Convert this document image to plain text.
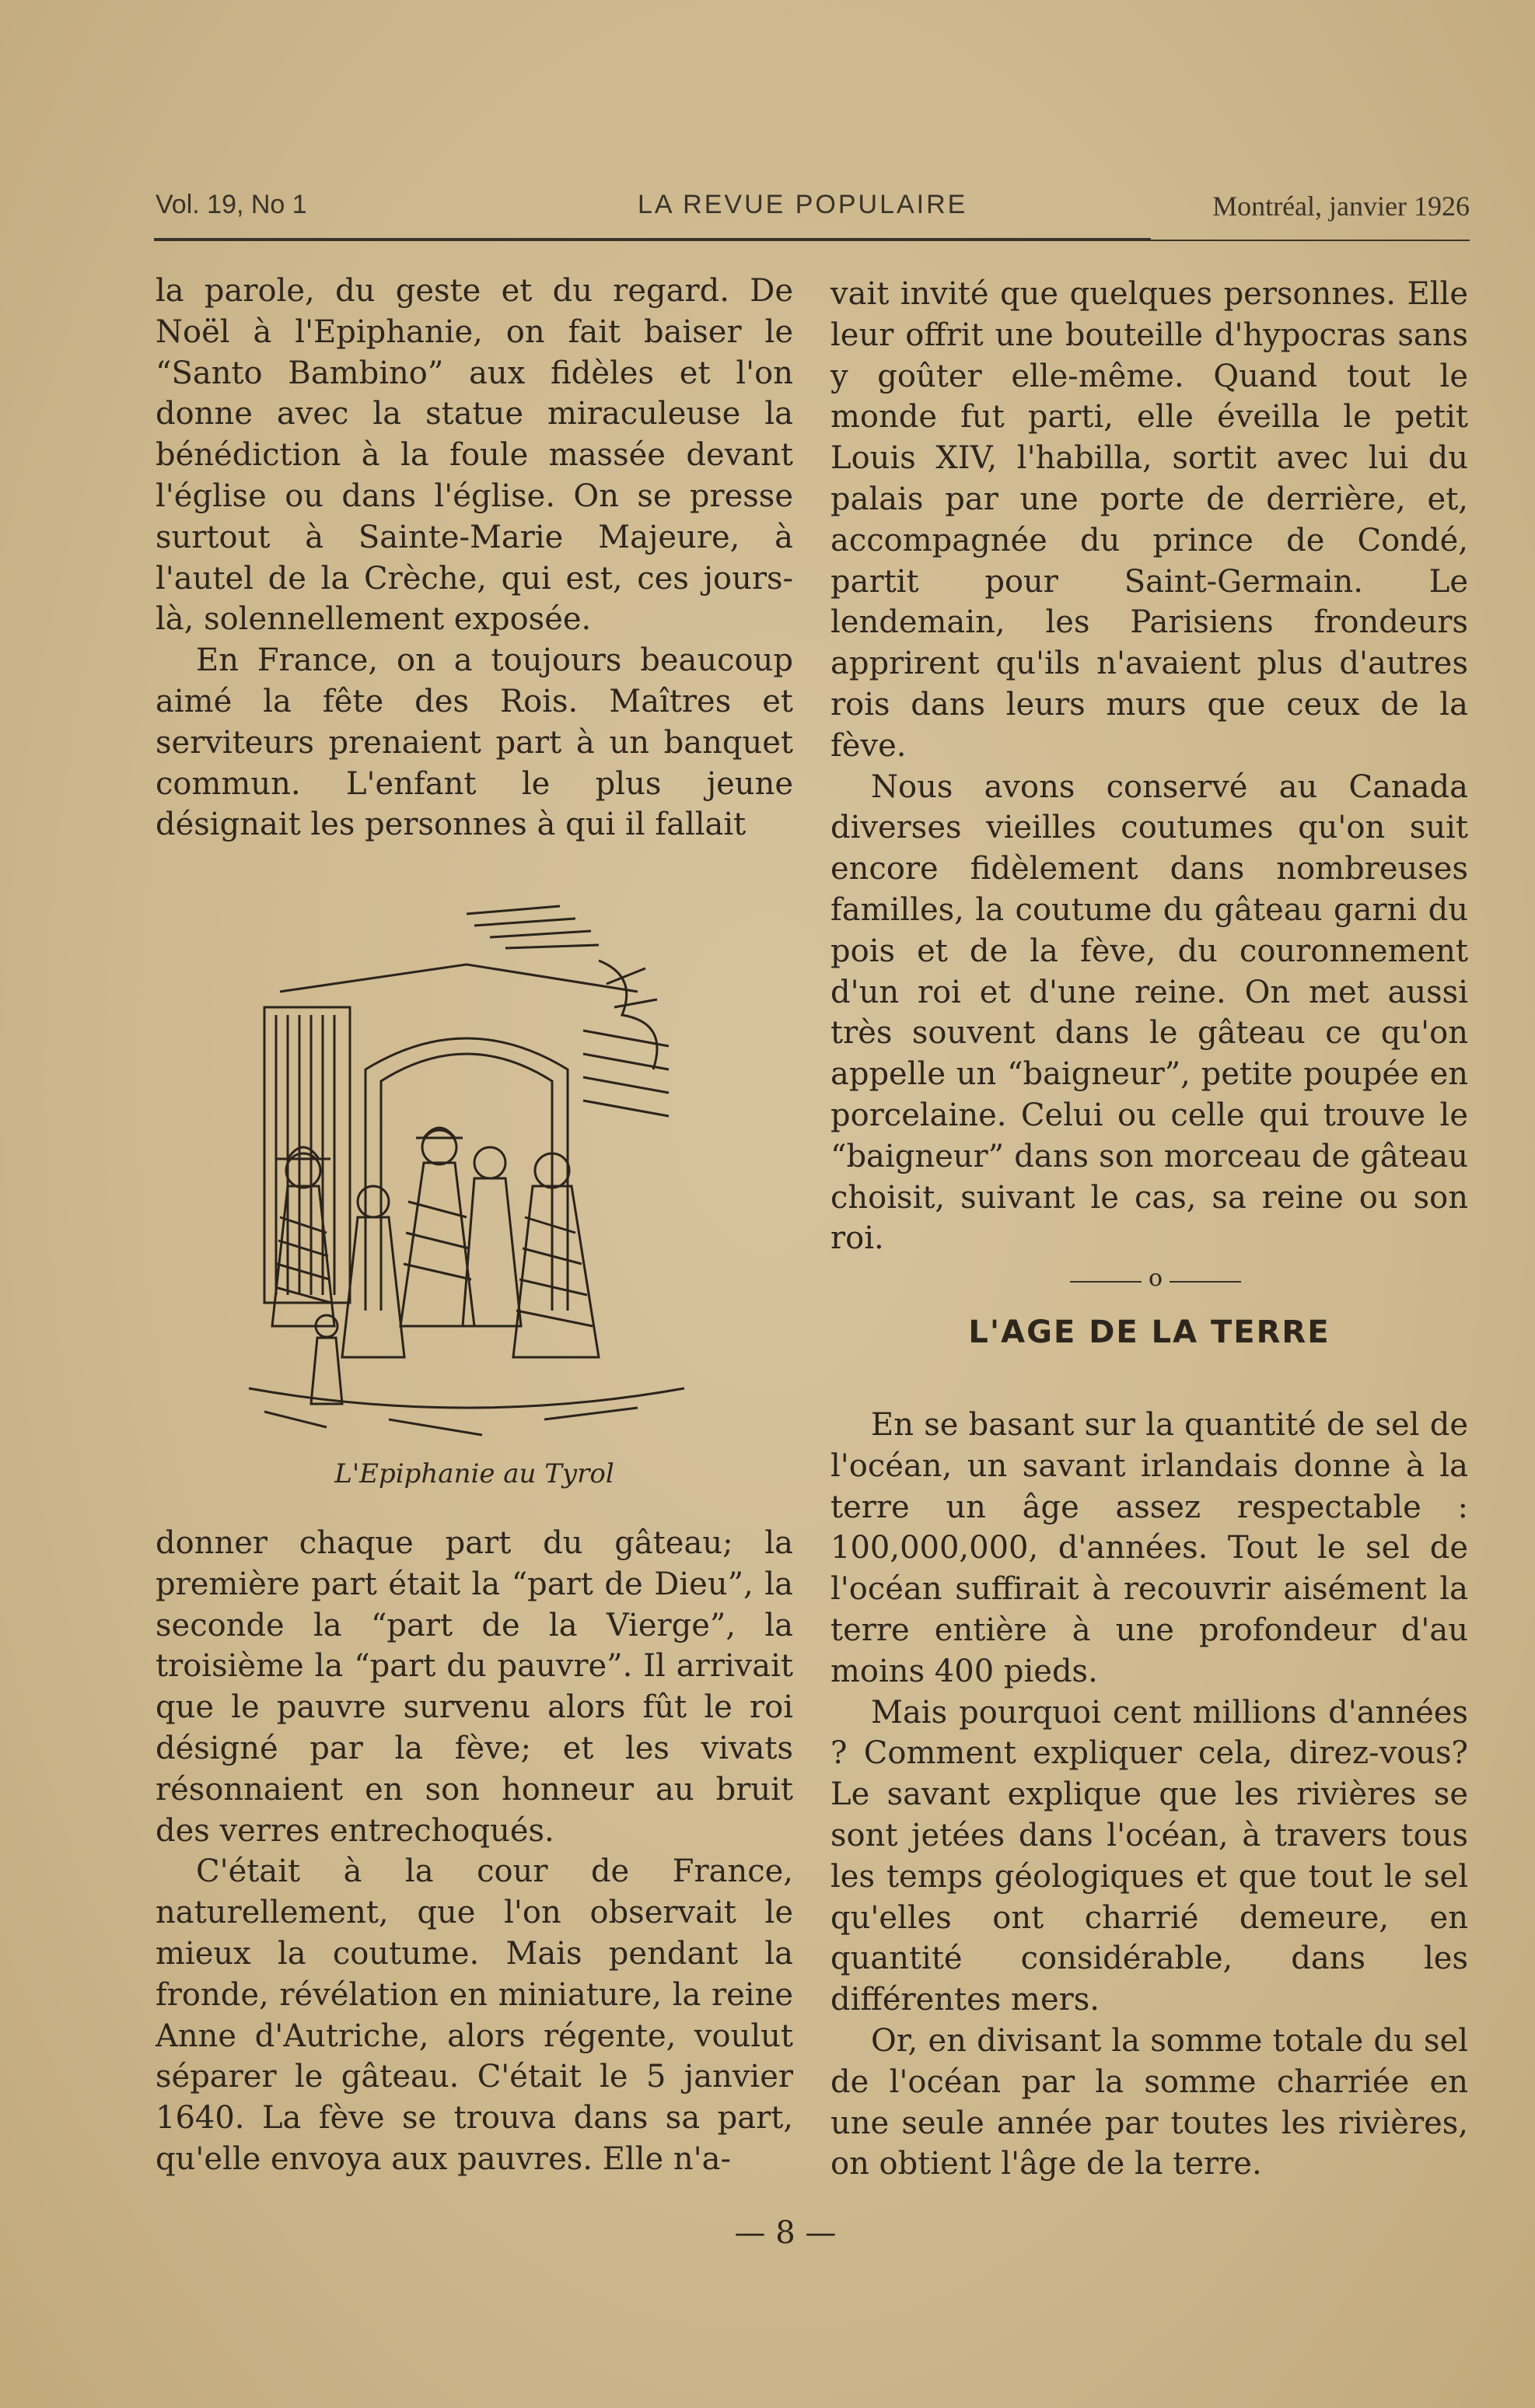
Vol. 19, No 1	LA REVUE POPULAIRE	Montréal, janvier 1926

la parole, du geste et du regard. De Noël à l'Epiphanie, on fait baiser le “Santo Bambino” aux fidèles et l'on donne avec la statue miraculeuse la bénédiction à la foule massée devant l'église ou dans l'église. On se presse surtout à Sainte-Marie Majeure, à l'autel de la Crèche, qui est, ces jours-là, solennellement exposée.

En France, on a toujours beaucoup aimé la fête des Rois. Maîtres et serviteurs prenaient part à un banquet commun. L'enfant le plus jeune désignait les personnes à qui il fallait

L'Epiphanie au Tyrol

donner chaque part du gâteau; la première part était la “part de Dieu”, la seconde la “part de la Vierge”, la troisième la “part du pauvre”. Il arrivait que le pauvre survenu alors fût le roi désigné par la fève; et les vivats résonnaient en son honneur au bruit des verres entrechoqués.

C'était à la cour de France, naturellement, que l'on observait le mieux la coutume. Mais pendant la fronde, révélation en miniature, la reine Anne d'Autriche, alors régente, voulut séparer le gâteau. C'était le 5 janvier 1640. La fève se trouva dans sa part, qu'elle envoya aux pauvres. Elle n'a-

vait invité que quelques personnes. Elle leur offrit une bouteille d'hypocras sans y goûter elle-même. Quand tout le monde fut parti, elle éveilla le petit Louis XIV, l'habilla, sortit avec lui du palais par une porte de derrière, et, accompagnée du prince de Condé, partit pour Saint-Germain. Le lendemain, les Parisiens frondeurs apprirent qu'ils n'avaient plus d'autres rois dans leurs murs que ceux de la fève.

Nous avons conservé au Canada diverses vieilles coutumes qu'on suit encore fidèlement dans nombreuses familles, la coutume du gâteau garni du pois et de la fève, du couronnement d'un roi et d'une reine. On met aussi très souvent dans le gâteau ce qu'on appelle un “baigneur”, petite poupée en porcelaine. Celui ou celle qui trouve le “baigneur” dans son morceau de gâteau choisit, suivant le cas, sa reine ou son roi.

o
L'AGE DE LA TERRE

En se basant sur la quantité de sel de l'océan, un savant irlandais donne à la terre un âge assez respectable : 100,000,000, d'années. Tout le sel de l'océan suffirait à recouvrir aisément la terre entière à une profondeur d'au moins 400 pieds.

Mais pourquoi cent millions d'années ? Comment expliquer cela, direz-vous? Le savant explique que les rivières se sont jetées dans l'océan, à travers tous les temps géologiques et que tout le sel qu'elles ont charrié demeure, en quantité considérable, dans les différentes mers.

Or, en divisant la somme totale du sel de l'océan par la somme charriée en une seule année par toutes les rivières, on obtient l'âge de la terre.

— 8 —
